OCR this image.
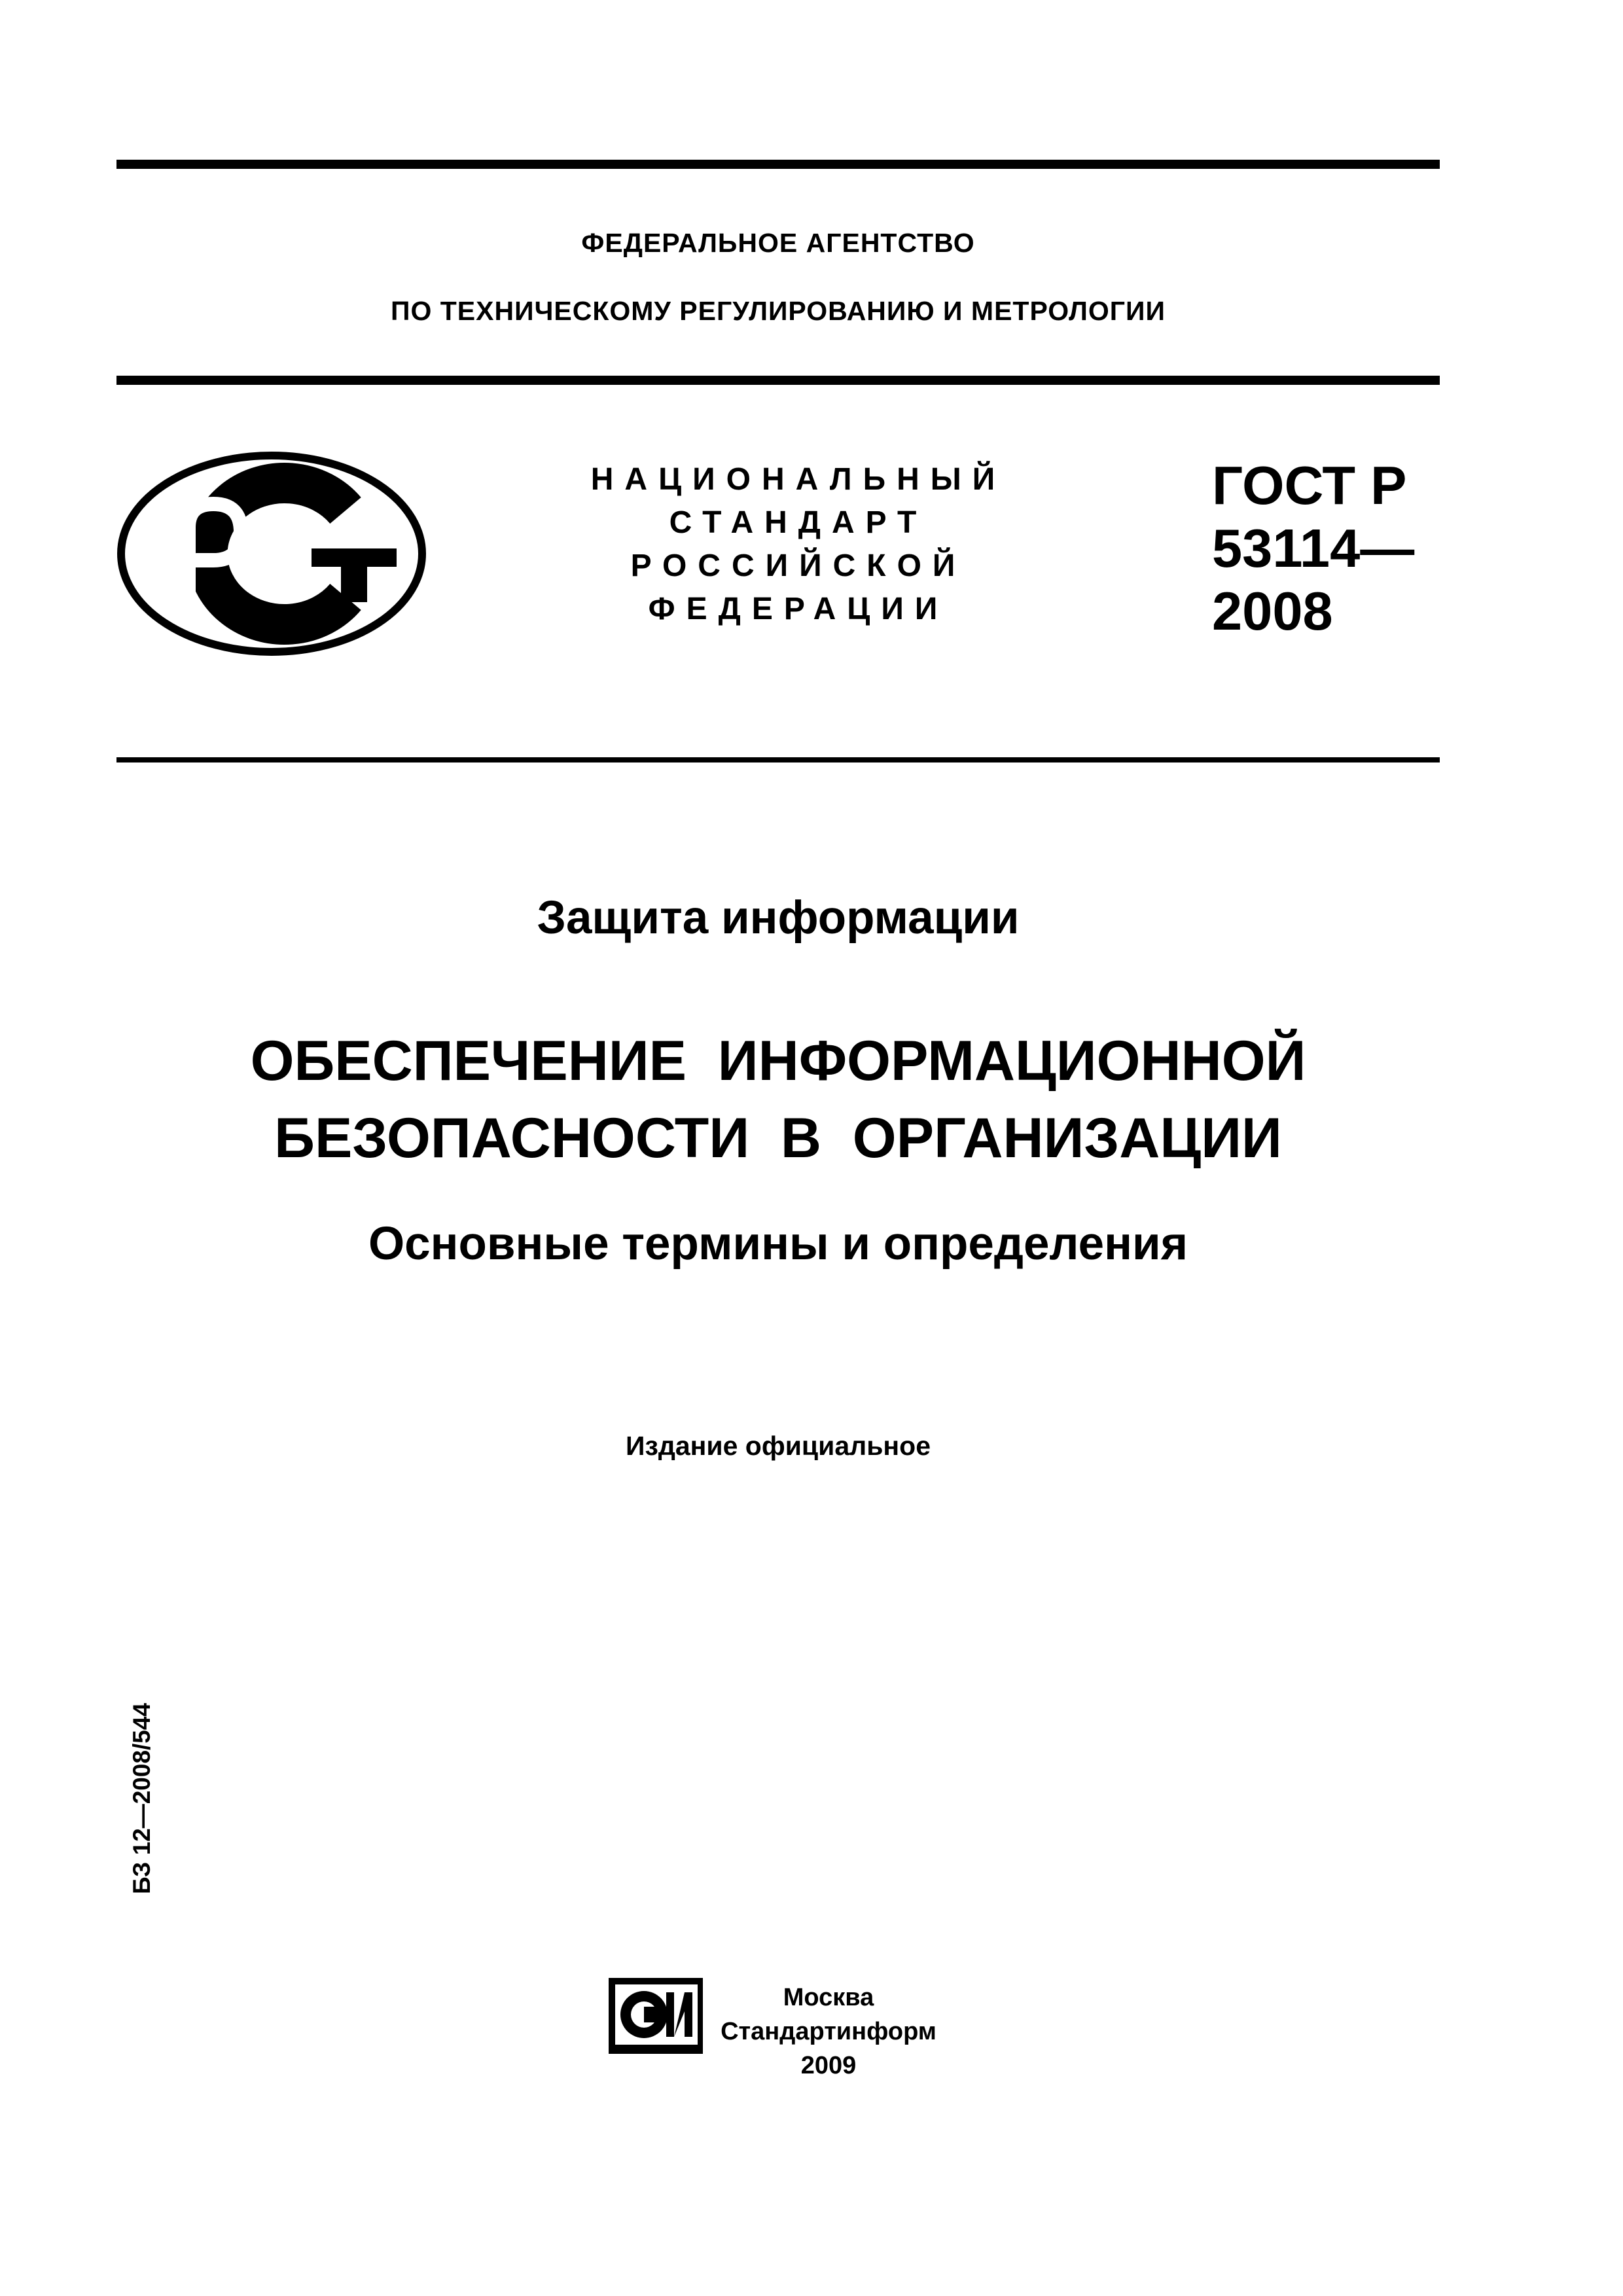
ФЕДЕРАЛЬНОЕ АГЕНТСТВО
ПО ТЕХНИЧЕСКОМУ РЕГУЛИРОВАНИЮ И МЕТРОЛОГИИ
НАЦИОНАЛЬНЫЙ
СТАНДАРТ
РОССИЙСКОЙ
ФЕДЕРАЦИИ
ГОСТ Р
53114—
2008
Защита информации
ОБЕСПЕЧЕНИЕ  ИНФОРМАЦИОННОЙ
БЕЗОПАСНОСТИ  В  ОРГАНИЗАЦИИ
Основные термины и определения
Издание официальное
БЗ 12—2008/544
Москва
Стандартинформ
2009
